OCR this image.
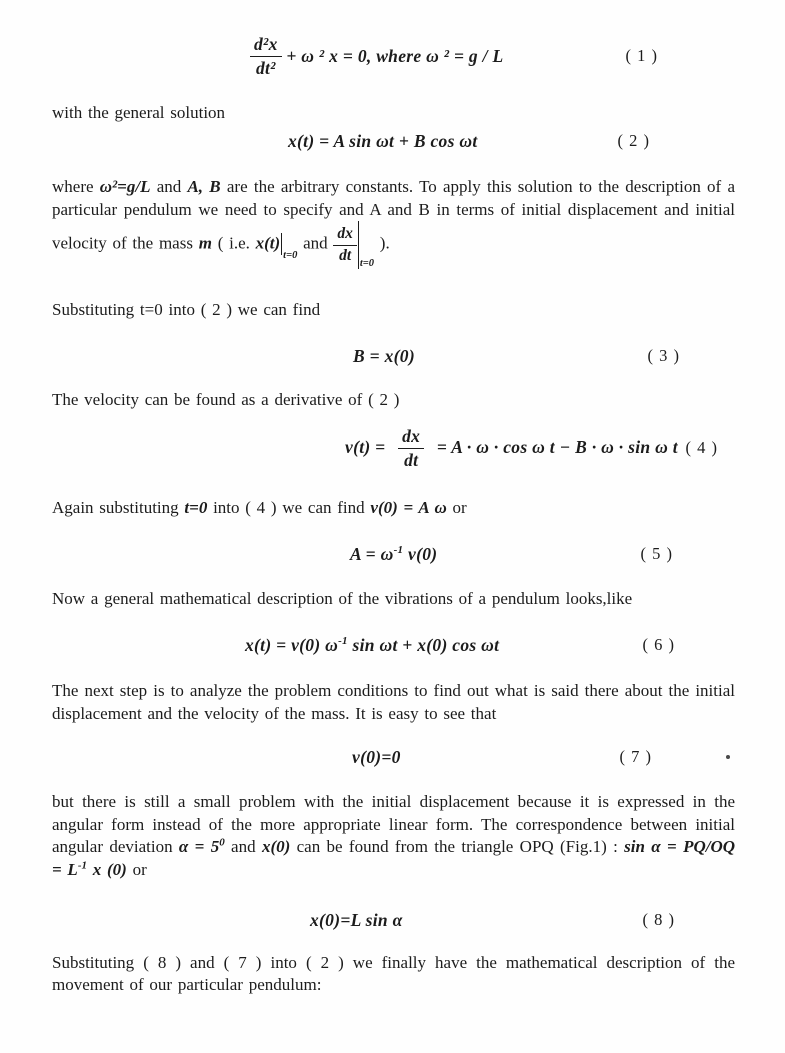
$\frac{\text{d²x}}{\text{dt²}} + \omega$ ² x = 0, where ω ² = g / L	( 1 )
with the general solution
x(t) = A sin ωt + B cos ωt	( 2 )
where ω²=g/L and A, B are the arbitrary constants. To apply this solution to the description of a particular pendulum we need to specify and A and B in terms of initial displacement and initial velocity of the mass m ( i.e. $x(t)_{t=0}$ and $\frac{dx}{dt} _{t=0}$ ).
Substituting t=0 into ( 2 ) we can find
B = x(0)	( 3 )
The velocity can be found as a derivative of ( 2 )
$v(t) = \frac{dx}{dt} = A \cdot \omega \cdot \cos \omega$ t − B · ω · sin ω t ( 4 )
Again substituting t=0 into ( 4 ) we can find v(0) = A ω or
$A = \omega^{-1}$ v(0)	( 5 )
Now a general mathematical description of the vibrations of a pendulum looks,like
x(t) = v(0) $\omega^{-1}$ sin ωt + x(0) cos ωt	( 6 )
The next step is to analyze the problem conditions to find out what is said there about the initial displacement and the velocity of the mass. It is easy to see that
v(0)=0	( 7 )
but there is still a small problem with the initial displacement because it is expressed in the angular form instead of the more appropriate linear form. The correspondence between initial angular deviation $\alpha = 5^0$ and x(0) can be found from the triangle OPQ (Fig.1) : $\sin \alpha = PQ/OQ = L^{-1}$ x (0) or
x(0)=L sin α	( 8 )
Substituting ( 8 ) and ( 7 ) into ( 2 ) we finally have the mathematical description of the movement of our particular pendulum:
